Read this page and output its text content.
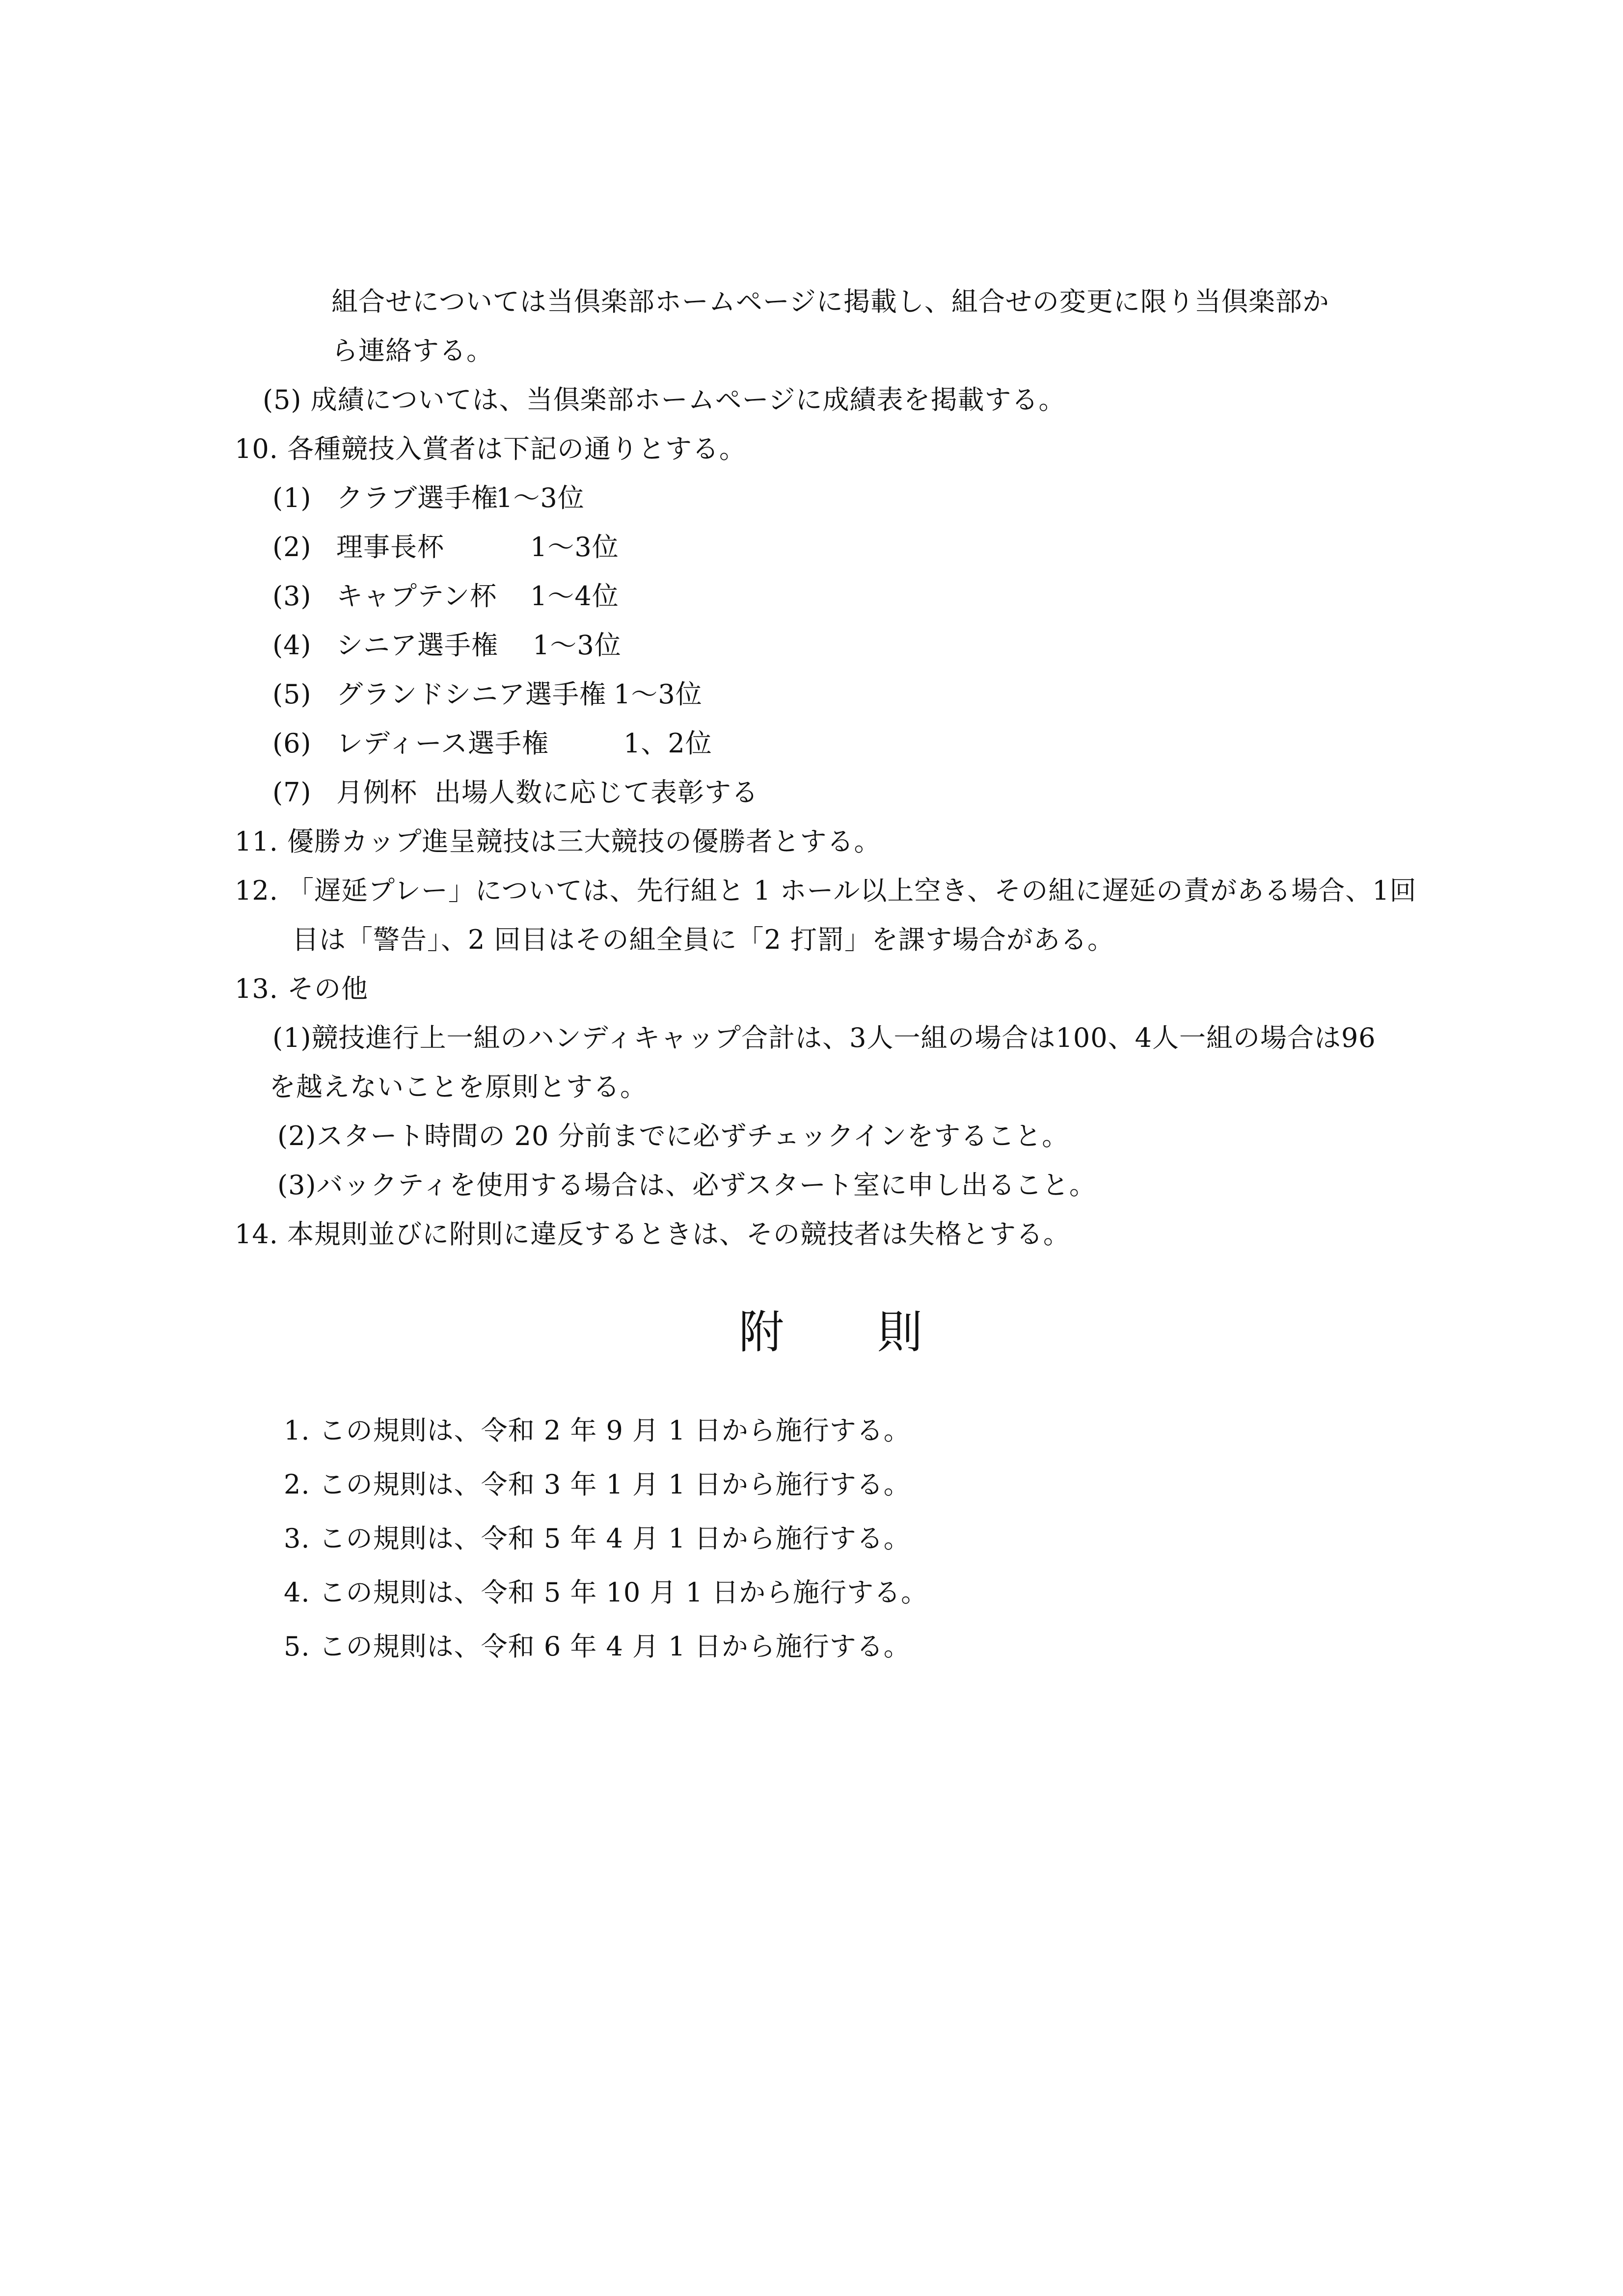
組合せについては当倶楽部ホームページに掲載し、組合せの変更に限り当倶楽部か
ら連絡する。
(5) 成績については、当倶楽部ホームページに成績表を掲載する。
10. 各種競技入賞者は下記の通りとする。
(1) クラブ選手権
1～3位
(2) 理事長杯	1～3位
(3) キャプテン杯 1～4位
(4) シニア選手権 1～3位
(5) グランドシニア選手権 1～3位
(6) レディース選手権	1、2位
(7) 月例杯 出場人数に応じて表彰する
11. 優勝カップ進呈競技は三大競技の優勝者とする。
12. 「遅延プレー」については、先行組と 1 ホール以上空き、その組に遅延の責がある場合、1回
目は「警告」、2 回目はその組全員に「2 打罰」を課す場合がある。
13. その他
(1)競技進行上一組のハンディキャップ合計は、3人一組の場合は100、4人一組の場合は96
を越えないことを原則とする。
(2)スタート時間の 20 分前までに必ずチェックインをすること。
(3)バックティを使用する場合は、必ずスタート室に申し出ること。
14. 本規則並びに附則に違反するときは、その競技者は失格とする。
附　　則
1. この規則は、令和 2 年 9 月 1 日から施行する。
2. この規則は、令和 3 年 1 月 1 日から施行する。
3. この規則は、令和 5 年 4 月 1 日から施行する。
4. この規則は、令和 5 年 10 月 1 日から施行する。
5. この規則は、令和 6 年 4 月 1 日から施行する。
